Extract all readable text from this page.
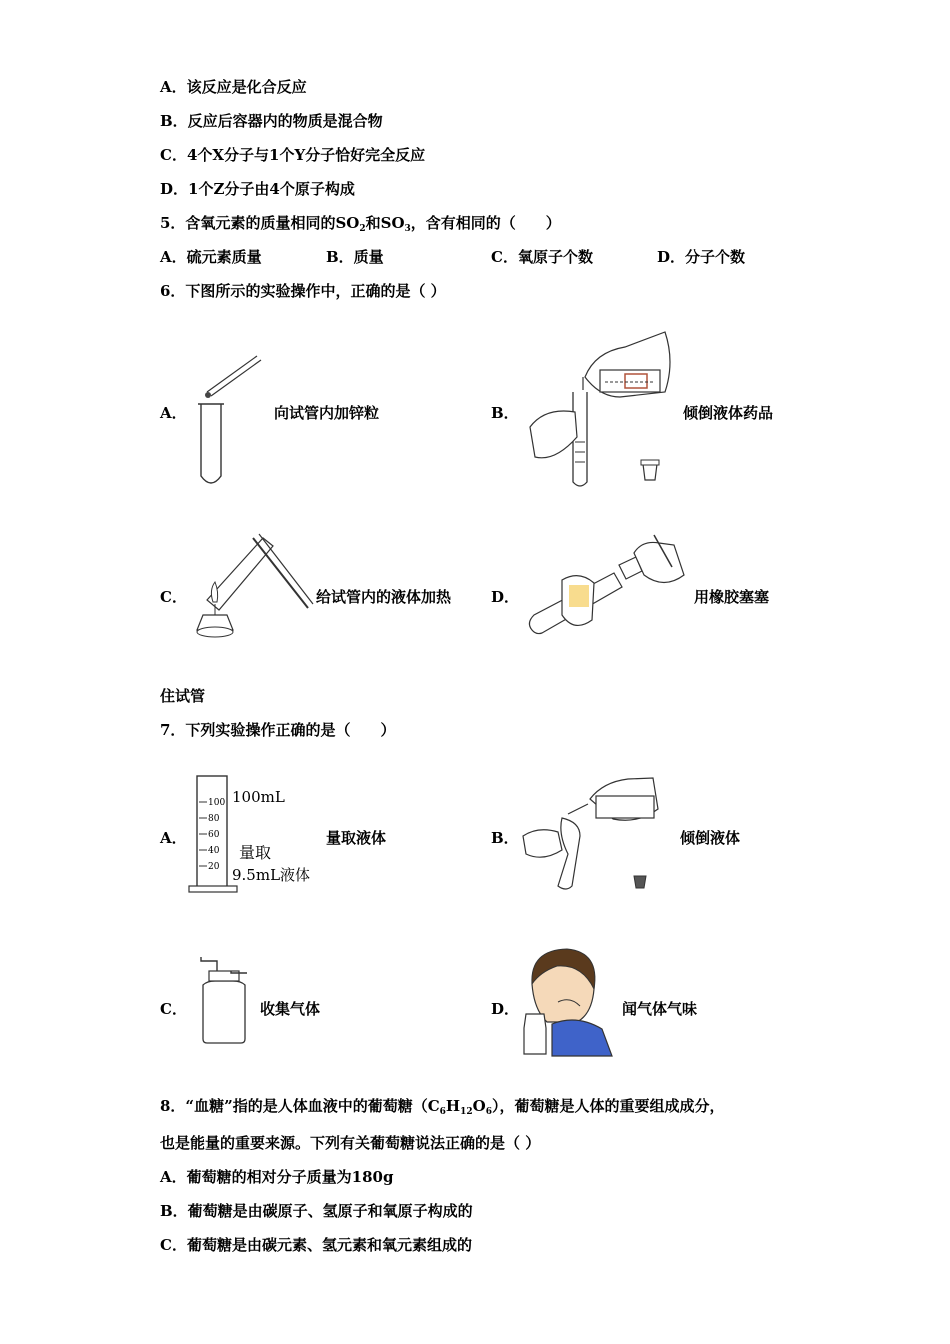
A．该反应是化合反应
B．反应后容器内的物质是混合物
C．4个X分子与1个Y分子恰好完全反应
D．1个Z分子由4个原子构成
5．含氧元素的质量相同的$SO_2$和$SO_3$，含有相同的（　　）
A．硫元素质量	B．质量	C．氧原子个数	D．分子个数
6．下图所示的实验操作中，正确的是（ ）
A．	向试管内加锌粒	B．	倾倒液体药品
C．	给试管内的液体加热	D．	用橡胶塞塞
住试管
7．下列实验操作正确的是（　　）
A．
100
80
60
40
20
100mL
量取
9.5mL液体
量取液体	B．	倾倒液体
C．	收集气体	D．	闻气体气味
8．“血糖”指的是人体血液中的葡萄糖$(C_6H_{12}O_6)$，葡萄糖是人体的重要组成成分，
也是能量的重要来源。下列有关葡萄糖说法正确的是（ ）
A．葡萄糖的相对分子质量为180g
B．葡萄糖是由碳原子、氢原子和氧原子构成的
C．葡萄糖是由碳元素、氢元素和氧元素组成的
